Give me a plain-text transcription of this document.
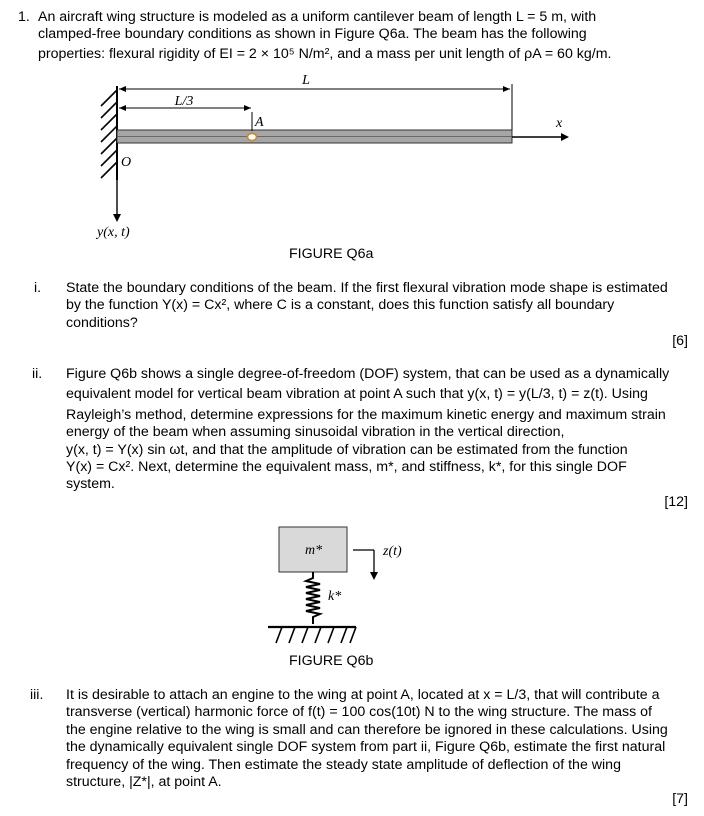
1. An aircraft wing structure is modeled as a uniform cantilever beam of length L = 5 m, with
clamped-free boundary conditions as shown in Figure Q6a. The beam has the following
properties: flexural rigidity of EI = 2 × 10⁵ N/m², and a mass per unit length of ρA = 60 kg/m.
L
L/3
A	x
O
y(x, t)
FIGURE Q6a
i. State the boundary conditions of the beam. If the first flexural vibration mode shape is estimated
by the function Y(x) = Cx², where C is a constant, does this function satisfy all boundary
conditions?
[6]
ii. Figure Q6b shows a single degree-of-freedom (DOF) system, that can be used as a dynamically
equivalent model for vertical beam vibration at point A such that y(x, t) = y(L/3, t) = z(t). Using
Rayleigh’s method, determine expressions for the maximum kinetic energy and maximum strain
energy of the beam when assuming sinusoidal vibration in the vertical direction,
y(x, t) = Y(x) sin ωt, and that the amplitude of vibration can be estimated from the function
Y(x) = Cx². Next, determine the equivalent mass, m*, and stiffness, k*, for this single DOF
system.
[12]
m*
k*
z(t)
FIGURE Q6b
iii. It is desirable to attach an engine to the wing at point A, located at x = L/3, that will contribute a
transverse (vertical) harmonic force of f(t) = 100 cos(10t) N to the wing structure. The mass of
the engine relative to the wing is small and can therefore be ignored in these calculations. Using
the dynamically equivalent single DOF system from part ii, Figure Q6b, estimate the first natural
frequency of the wing. Then estimate the steady state amplitude of deflection of the wing
structure, |Z*|, at point A.
[7]
